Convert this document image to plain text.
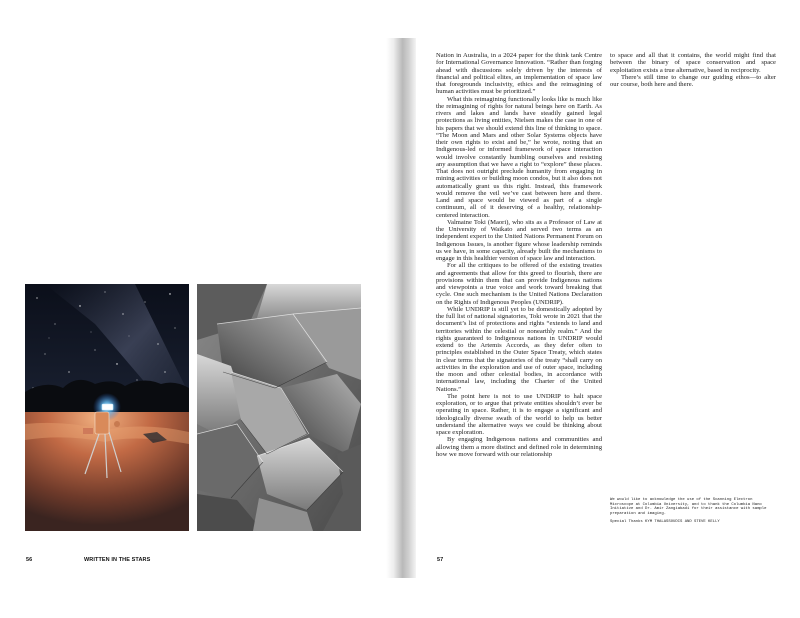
56	WRITTEN IN THE STARS

Nation in Australia, in a 2024 paper for the think tank Centre for International Governance Innovation. “Rather than forging ahead with discussions solely driven by the interests of financial and political elites, an implementation of space law that foregrounds inclusivity, ethics and the reimagining of human activities must be prioritized.”

What this reimagining functionally looks like is much like the reimagining of rights for natural beings here on Earth. As rivers and lakes and lands have steadily gained legal protections as living entities, Nielsen makes the case in one of his papers that we should extend this line of thinking to space. “The Moon and Mars and other Solar Systems objects have their own rights to exist and be,” he wrote, noting that an Indigenous-led or informed framework of space interaction would involve constantly humbling ourselves and resisting any assumption that we have a right to “explore” these places. That does not outright preclude humanity from engaging in mining activities or building moon condos, but it also does not automatically grant us this right. Instead, this framework would remove the veil we’ve cast between here and there. Land and space would be viewed as part of a single continuum, all of it deserving of a healthy, relationship-centered interaction.

Valmaine Toki (Maori), who sits as a Professor of Law at the University of Waikato and served two terms as an independent expert to the United Nations Permanent Forum on Indigenous Issues, is another figure whose leadership reminds us we have, in some capacity, already built the mechanisms to engage in this healthier version of space law and interaction.

For all the critiques to be offered of the existing treaties and agreements that allow for this greed to flourish, there are provisions within them that can provide Indigenous nations and viewpoints a true voice and work toward breaking that cycle. One such mechanism is the United Nations Declaration on the Rights of Indigenous Peoples (UNDRIP).

While UNDRIP is still yet to be domestically adopted by the full list of national signatories, Toki wrote in 2021 that the document’s list of protections and rights “extends to land and territories within the celestial or nonearthly realm.” And the rights guaranteed to Indigenous nations in UNDRIP would extend to the Artemis Accords, as they defer often to principles established in the Outer Space Treaty, which states in clear terms that the signatories of the treaty “shall carry on activities in the exploration and use of outer space, including the moon and other celestial bodies, in accordance with international law, including the Charter of the United Nations.”

The point here is not to use UNDRIP to halt space exploration, or to argue that private entities shouldn’t ever be operating in space. Rather, it is to engage a significant and ideologically diverse swath of the world to help us better understand the alternative ways we could be thinking about space exploration.

By engaging Indigenous nations and communities and allowing them a more distinct and defined role in determining how we move forward with our relationship

to space and all that it contains, the world might find that between the binary of space conservation and space exploitation exists a true alternative, based in reciprocity.

There’s still time to change our guiding ethos—to alter our course, both here and there.

We would like to acknowledge the use of the Scanning Electron Microscope at Columbia University, and to thank the Columbia Nano Initiative and Dr. Amir Zangiabadi for their assistance with sample preparation and imaging.

Special Thanks KYM THALASSOUDIS AND STEVE KELLY

57
